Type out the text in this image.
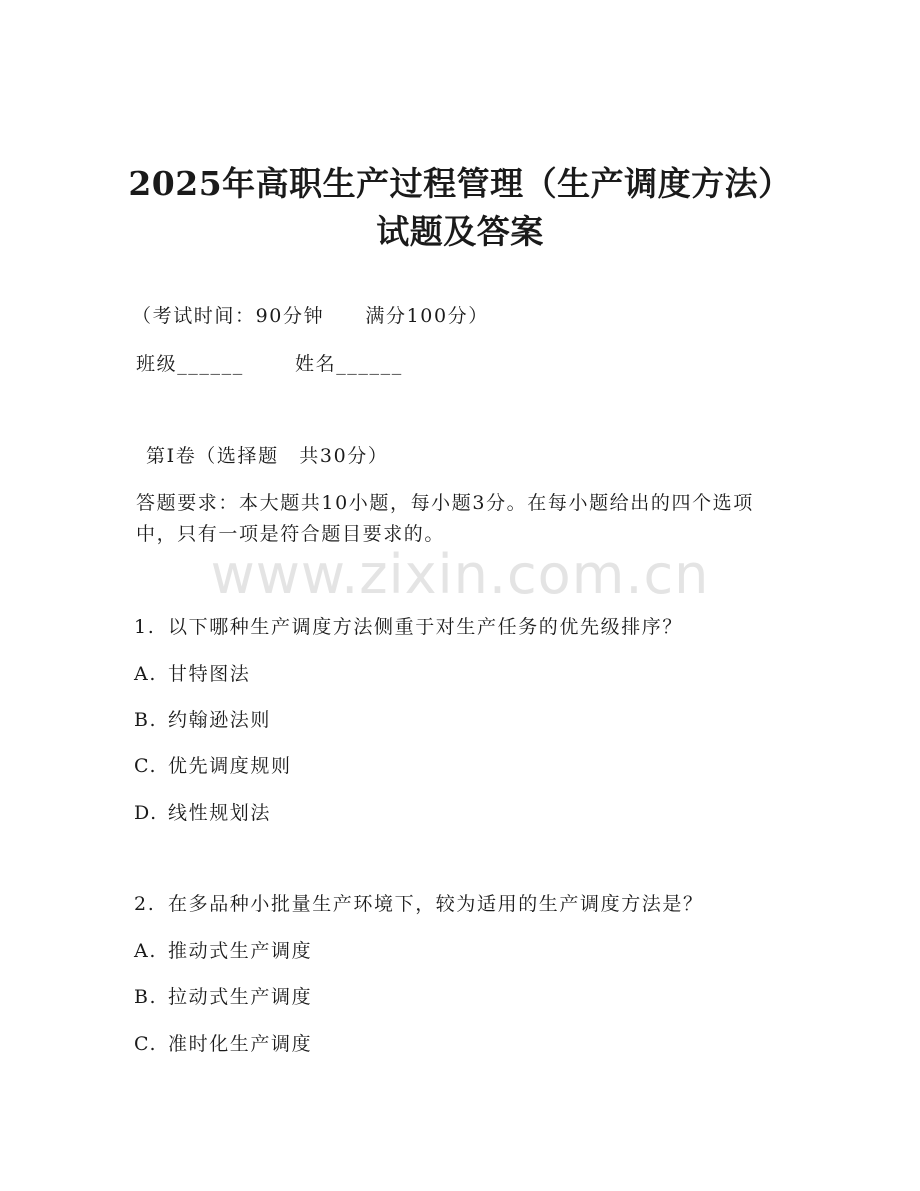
2025年高职生产过程管理（生产调度方法）
试题及答案
（考试时间：90分钟　　满分100分）
班级______	姓名______
第Ⅰ卷（选择题　共30分）
答题要求：本大题共10小题，每小题3分。在每小题给出的四个选项
中，只有一项是符合题目要求的。
www.zixin.com.cn
1. 以下哪种生产调度方法侧重于对生产任务的优先级排序？
A. 甘特图法
B. 约翰逊法则
C. 优先调度规则
D. 线性规划法
2. 在多品种小批量生产环境下，较为适用的生产调度方法是？
A. 推动式生产调度
B. 拉动式生产调度
C. 准时化生产调度
